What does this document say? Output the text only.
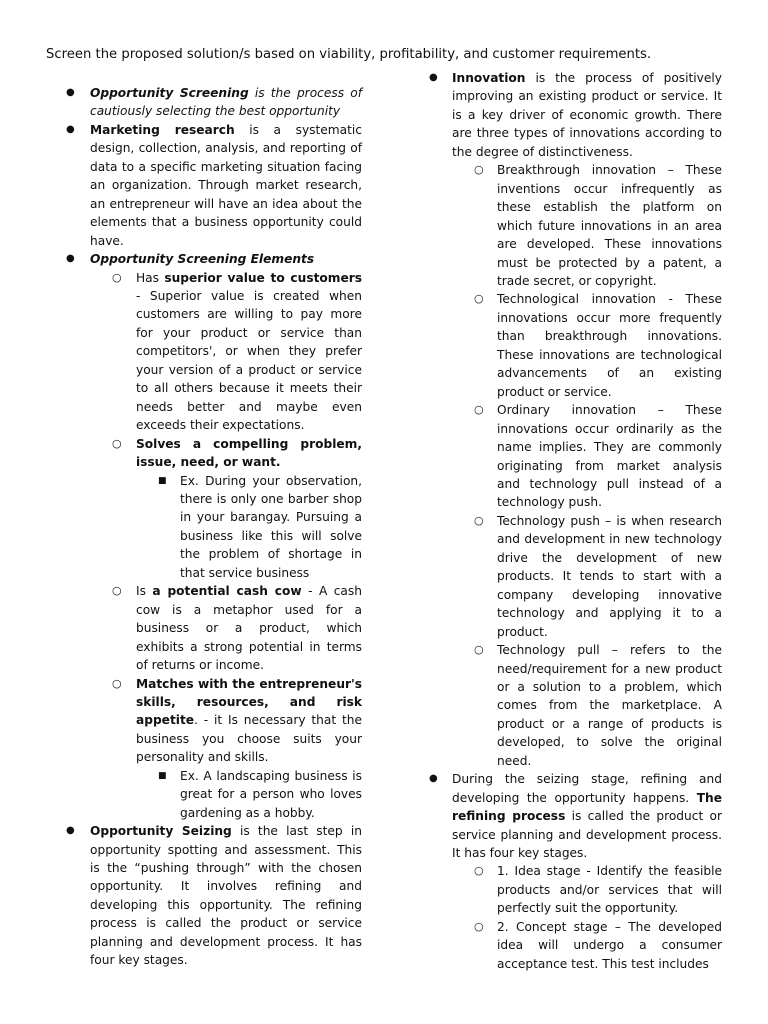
Screen the proposed solution/s based on viability, profitability, and customer requirements.
● Opportunity Screening is the process of cautiously selecting the best opportunity
● Marketing research is a systematic design, collection, analysis, and reporting of data to a specific marketing situation facing an organization. Through market research, an entrepreneur will have an idea about the elements that a business opportunity could have.
● Opportunity Screening Elements
○ Has superior value to customers - Superior value is created when customers are willing to pay more for your product or service than competitors', or when they prefer your version of a product or service to all others because it meets their needs better and maybe even exceeds their expectations.
○ Solves a compelling problem, issue, need, or want.
■ Ex. During your observation, there is only one barber shop in your barangay. Pursuing a business like this will solve the problem of shortage in that service business
○ Is a potential cash cow - A cash cow is a metaphor used for a business or a product, which exhibits a strong potential in terms of returns or income.
○ Matches with the entrepreneur's skills, resources, and risk appetite. - it Is necessary that the business you choose suits your personality and skills.
■ Ex. A landscaping business is great for a person who loves gardening as a hobby.
● Opportunity Seizing is the last step in opportunity spotting and assessment. This is the “pushing through” with the chosen opportunity. It involves refining and developing this opportunity. The refining process is called the product or service planning and development process. It has four key stages.
● Innovation is the process of positively improving an existing product or service. It is a key driver of economic growth. There are three types of innovations according to the degree of distinctiveness.
○ Breakthrough innovation – These inventions occur infrequently as these establish the platform on which future innovations in an area are developed. These innovations must be protected by a patent, a trade secret, or copyright.
○ Technological innovation - These innovations occur more frequently than breakthrough innovations. These innovations are technological advancements of an existing product or service.
○ Ordinary innovation – These innovations occur ordinarily as the name implies. They are commonly originating from market analysis and technology pull instead of a technology push.
○ Technology push – is when research and development in new technology drive the development of new products. It tends to start with a company developing innovative technology and applying it to a product.
○ Technology pull – refers to the need/requirement for a new product or a solution to a problem, which comes from the marketplace. A product or a range of products is developed, to solve the original need.
● During the seizing stage, refining and developing the opportunity happens. The refining process is called the product or service planning and development process. It has four key stages.
○ 1. Idea stage - Identify the feasible products and/or services that will perfectly suit the opportunity.
○ 2. Concept stage – The developed idea will undergo a consumer acceptance test. This test includes
